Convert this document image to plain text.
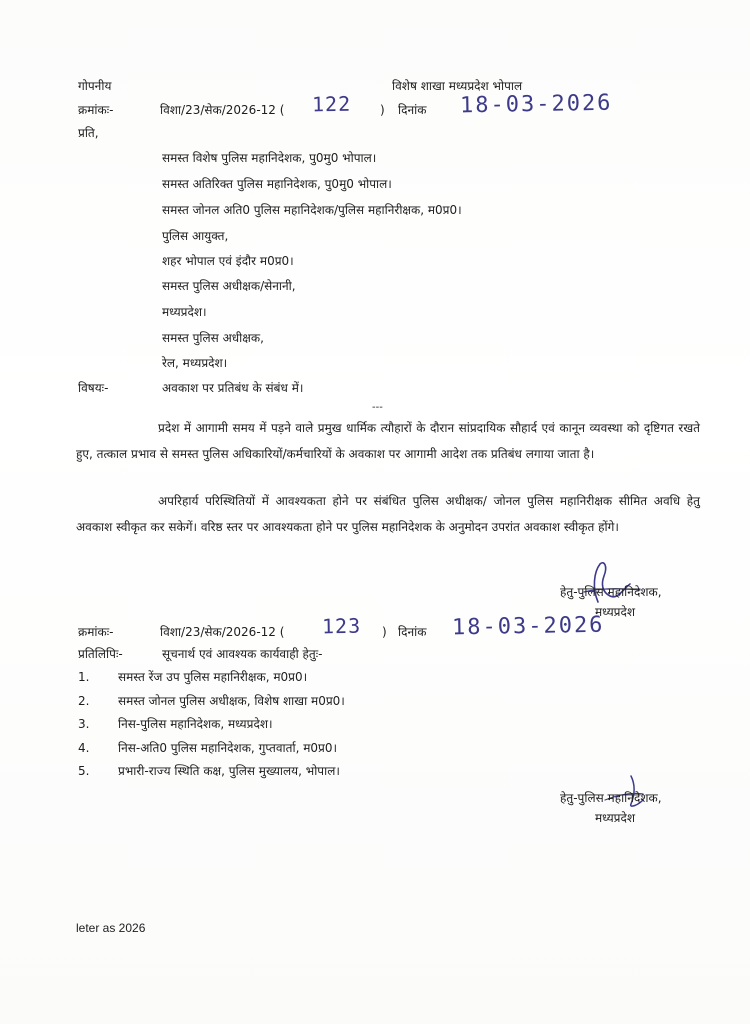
गोपनीय	विशेष शाखा मध्यप्रदेश भोपाल
क्रमांकः-	विशा/23/सेक/2026-12 ( 122 ) दिनांक 18-03-2026
प्रति,
समस्त विशेष पुलिस महानिदेशक, पु0मु0 भोपाल।
समस्त अतिरिक्त पुलिस महानिदेशक, पु0मु0 भोपाल।
समस्त जोनल अति0 पुलिस महानिदेशक/पुलिस महानिरीक्षक, म0प्र0।
पुलिस आयुक्त,
शहर भोपाल एवं इंदौर म0प्र0।
समस्त पुलिस अधीक्षक/सेनानी,
मध्यप्रदेश।
समस्त पुलिस अधीक्षक,
रेल, मध्यप्रदेश।
विषयः-	अवकाश पर प्रतिबंध के संबंध में।
---
प्रदेश में आगामी समय में पड़ने वाले प्रमुख धार्मिक त्यौहारों के दौरान सांप्रदायिक सौहार्द एवं कानून व्यवस्था को दृष्टिगत रखते हुए, तत्काल प्रभाव से समस्त पुलिस अधिकारियों/कर्मचारियों के अवकाश पर आगामी आदेश तक प्रतिबंध लगाया जाता है।
अपरिहार्य परिस्थितियों में आवश्यकता होने पर संबंधित पुलिस अधीक्षक/ जोनल पुलिस महानिरीक्षक सीमित अवधि हेतु अवकाश स्वीकृत कर सकेगें। वरिष्ठ स्तर पर आवश्यकता होने पर पुलिस महानिदेशक के अनुमोदन उपरांत अवकाश स्वीकृत होंगे।
हेतु-पुलिस महानिदेशक,
मध्यप्रदेश
क्रमांकः-	विशा/23/सेक/2026-12 ( 123 ) दिनांक 18-03-2026
प्रतिलिपिः-	सूचनार्थ एवं आवश्यक कार्यवाही हेतुः-
1. समस्त रेंज उप पुलिस महानिरीक्षक, म0प्र0।
2. समस्त जोनल पुलिस अधीक्षक, विशेष शाखा म0प्र0।
3. निस-पुलिस महानिदेशक, मध्यप्रदेश।
4. निस-अति0 पुलिस महानिदेशक, गुप्तवार्ता, म0प्र0।
5. प्रभारी-राज्य स्थिति कक्ष, पुलिस मुख्यालय, भोपाल।
हेतु-पुलिस महानिदेशक,
मध्यप्रदेश
leter as 2026
